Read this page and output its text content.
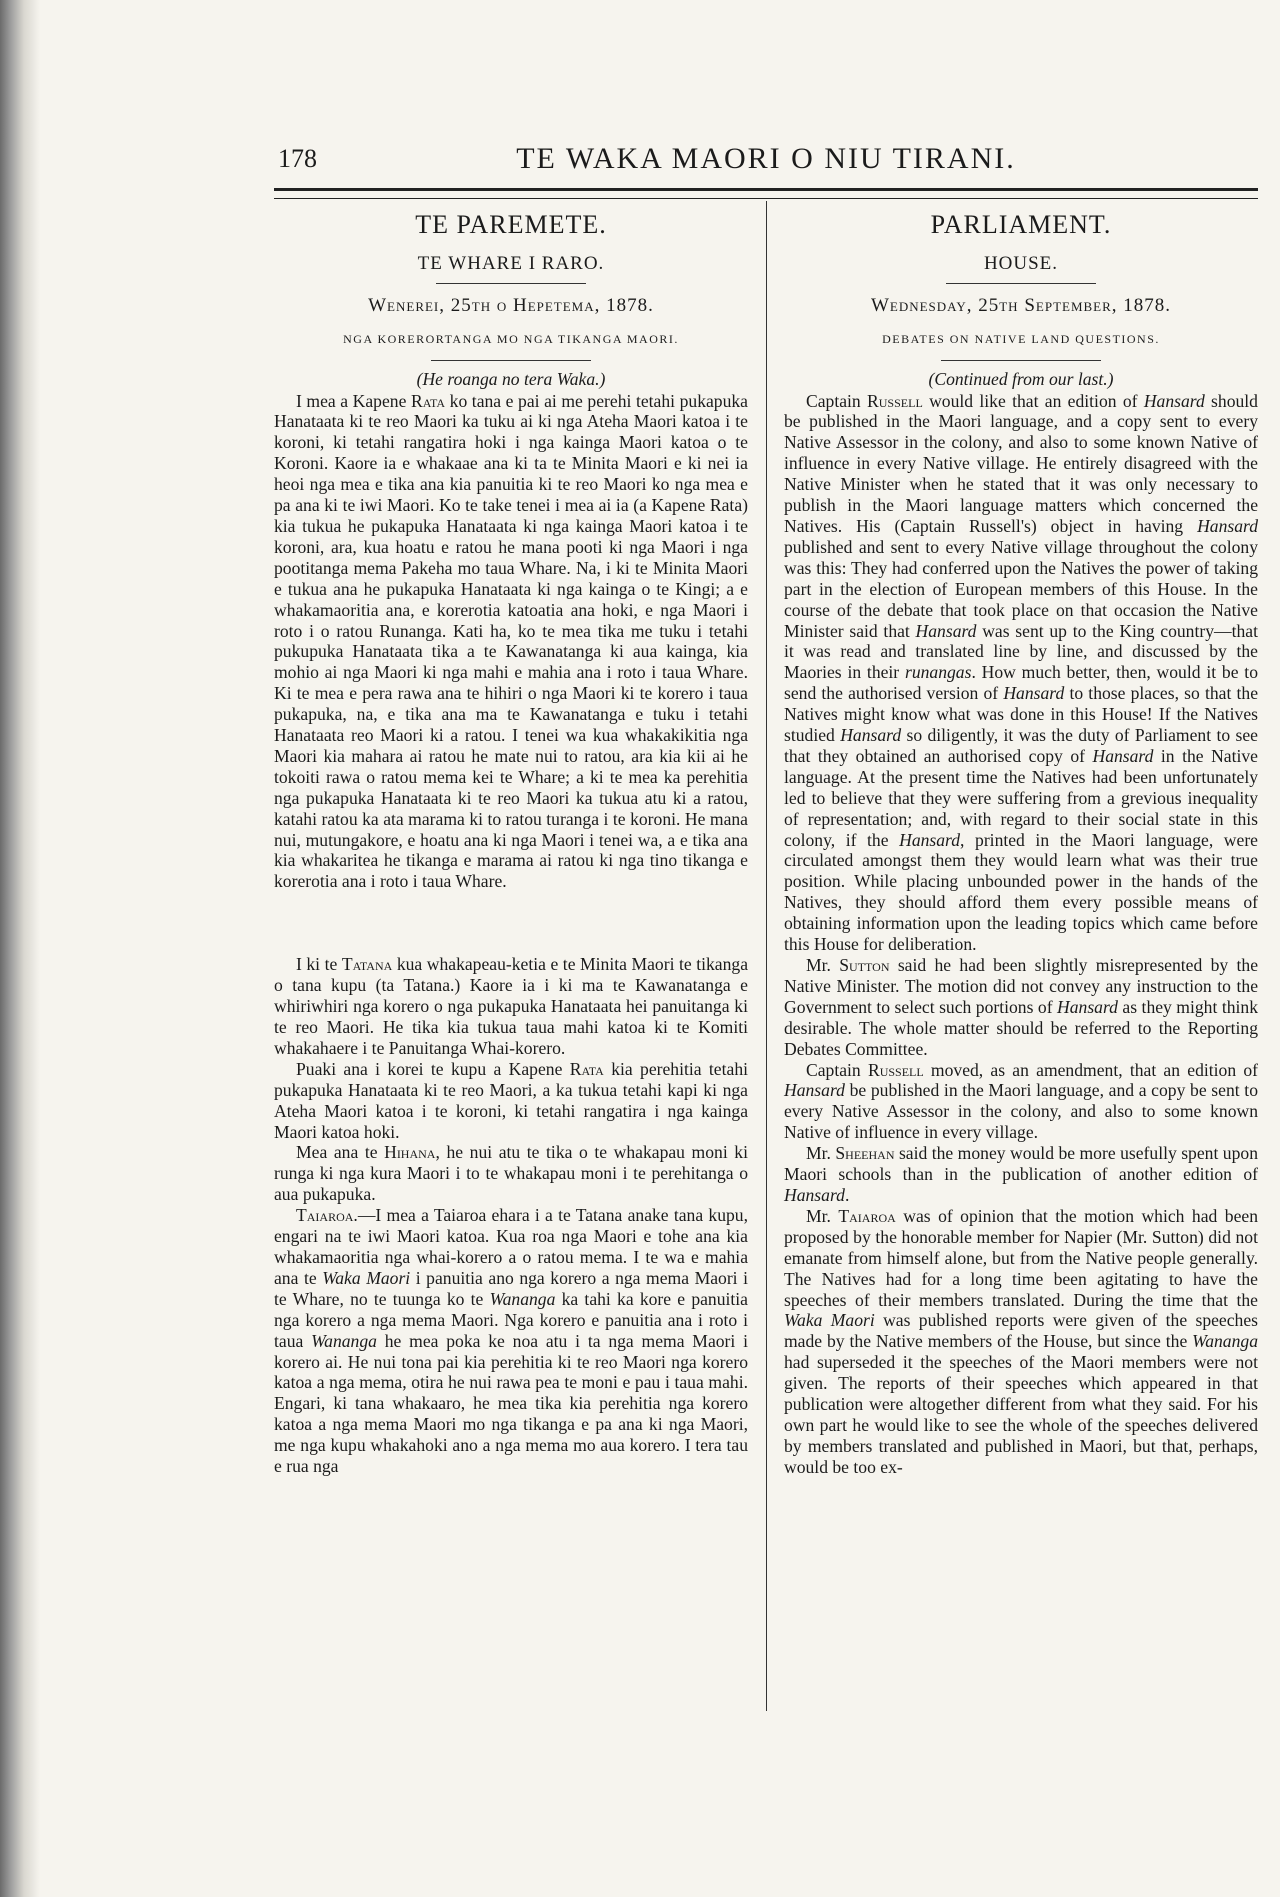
178	TE WAKA MAORI O NIU TIRANI.
TE PAREMETE.
TE WHARE I RARO.
Wenerei, 25th o Hepetema, 1878.
NGA KORERORTANGA MO NGA TIKANGA MAORI.

(He roanga no tera Waka.)

I mea a Kapene Rata ko tana e pai ai me perehi tetahi pukapuka Hanataata ki te reo Maori ka tuku ai ki nga Ateha Maori katoa i te koroni, ki tetahi rangatira hoki i nga kainga Maori katoa o te Koroni. Kaore ia e whakaae ana ki ta te Minita Maori e ki nei ia heoi nga mea e tika ana kia panuitia ki te reo Maori ko nga mea e pa ana ki te iwi Maori. Ko te take tenei i mea ai ia (a Kapene Rata) kia tukua he pukapuka Hanataata ki nga kainga Maori katoa i te koroni, ara, kua hoatu e ratou he mana pooti ki nga Maori i nga pootitanga mema Pakeha mo taua Whare. Na, i ki te Minita Maori e tukua ana he pukapuka Hanataata ki nga kainga o te Kingi; a e whakamaoritia ana, e korerotia katoatia ana hoki, e nga Maori i roto i o ratou Runanga. Kati ha, ko te mea tika me tuku i tetahi pukupuka Hanataata tika a te Kawanatanga ki aua kainga, kia mohio ai nga Maori ki nga mahi e mahia ana i roto i taua Whare. Ki te mea e pera rawa ana te hihiri o nga Maori ki te korero i taua pukapuka, na, e tika ana ma te Kawanatanga e tuku i tetahi Hanataata reo Maori ki a ratou. I tenei wa kua whakakikitia nga Maori kia mahara ai ratou he mate nui to ratou, ara kia kii ai he tokoiti rawa o ratou mema kei te Whare; a ki te mea ka perehitia nga pukapuka Hanataata ki te reo Maori ka tukua atu ki a ratou, katahi ratou ka ata marama ki to ratou turanga i te koroni. He mana nui, mutungakore, e hoatu ana ki nga Maori i tenei wa, a e tika ana kia whakaritea he tikanga e marama ai ratou ki nga tino tikanga e korerotia ana i roto i taua Whare.

I ki te Tatana kua whakapeau-ketia e te Minita Maori te tikanga o tana kupu (ta Tatana.) Kaore ia i ki ma te Kawanatanga e whiriwhiri nga korero o nga pukapuka Hanataata hei panuitanga ki te reo Maori. He tika kia tukua taua mahi katoa ki te Komiti whakahaere i te Panuitanga Whai-korero.

Puaki ana i korei te kupu a Kapene Rata kia perehitia tetahi pukapuka Hanataata ki te reo Maori, a ka tukua tetahi kapi ki nga Ateha Maori katoa i te koroni, ki tetahi rangatira i nga kainga Maori katoa hoki.

Mea ana te Hihana, he nui atu te tika o te whakapau moni ki runga ki nga kura Maori i to te whakapau moni i te perehitanga o aua pukapuka.

Taiaroa.—I mea a Taiaroa ehara i a te Tatana anake tana kupu, engari na te iwi Maori katoa. Kua roa nga Maori e tohe ana kia whakamaoritia nga whai-korero a o ratou mema. I te wa e mahia ana te Waka Maori i panuitia ano nga korero a nga mema Maori i te Whare, no te tuunga ko te Wananga ka tahi ka kore e panuitia nga korero a nga mema Maori. Nga korero e panuitia ana i roto i taua Wananga he mea poka ke noa atu i ta nga mema Maori i korero ai. He nui tona pai kia perehitia ki te reo Maori nga korero katoa a nga mema, otira he nui rawa pea te moni e pau i taua mahi. Engari, ki tana whakaaro, he mea tika kia perehitia nga korero katoa a nga mema Maori mo nga tikanga e pa ana ki nga Maori, me nga kupu whakahoki ano a nga mema mo aua korero. I tera tau e rua nga

PARLIAMENT.
HOUSE.
Wednesday, 25th September, 1878.
DEBATES ON NATIVE LAND QUESTIONS.

(Continued from our last.)

Captain Russell would like that an edition of Hansard should be published in the Maori language, and a copy sent to every Native Assessor in the colony, and also to some known Native of influence in every Native village. He entirely disagreed with the Native Minister when he stated that it was only necessary to publish in the Maori language matters which concerned the Natives. His (Captain Russell's) object in having Hansard published and sent to every Native village throughout the colony was this: They had conferred upon the Natives the power of taking part in the election of European members of this House. In the course of the debate that took place on that occasion the Native Minister said that Hansard was sent up to the King country—that it was read and translated line by line, and discussed by the Maories in their runangas. How much better, then, would it be to send the authorised version of Hansard to those places, so that the Natives might know what was done in this House! If the Natives studied Hansard so diligently, it was the duty of Parliament to see that they obtained an authorised copy of Hansard in the Native language. At the present time the Natives had been unfortunately led to believe that they were suffering from a grevious inequality of representation; and, with regard to their social state in this colony, if the Hansard, printed in the Maori language, were circulated amongst them they would learn what was their true position. While placing unbounded power in the hands of the Natives, they should afford them every possible means of obtaining information upon the leading topics which came before this House for deliberation.

Mr. Sutton said he had been slightly misrepresented by the Native Minister. The motion did not convey any instruction to the Government to select such portions of Hansard as they might think desirable. The whole matter should be referred to the Reporting Debates Committee.

Captain Russell moved, as an amendment, that an edition of Hansard be published in the Maori language, and a copy be sent to every Native Assessor in the colony, and also to some known Native of influence in every village.

Mr. Sheehan said the money would be more usefully spent upon Maori schools than in the publication of another edition of Hansard.

Mr. Taiaroa was of opinion that the motion which had been proposed by the honorable member for Napier (Mr. Sutton) did not emanate from himself alone, but from the Native people generally. The Natives had for a long time been agitating to have the speeches of their members translated. During the time that the Waka Maori was published reports were given of the speeches made by the Native members of the House, but since the Wananga had superseded it the speeches of the Maori members were not given. The reports of their speeches which appeared in that publication were altogether different from what they said. For his own part he would like to see the whole of the speeches delivered by members translated and published in Maori, but that, perhaps, would be too ex-
